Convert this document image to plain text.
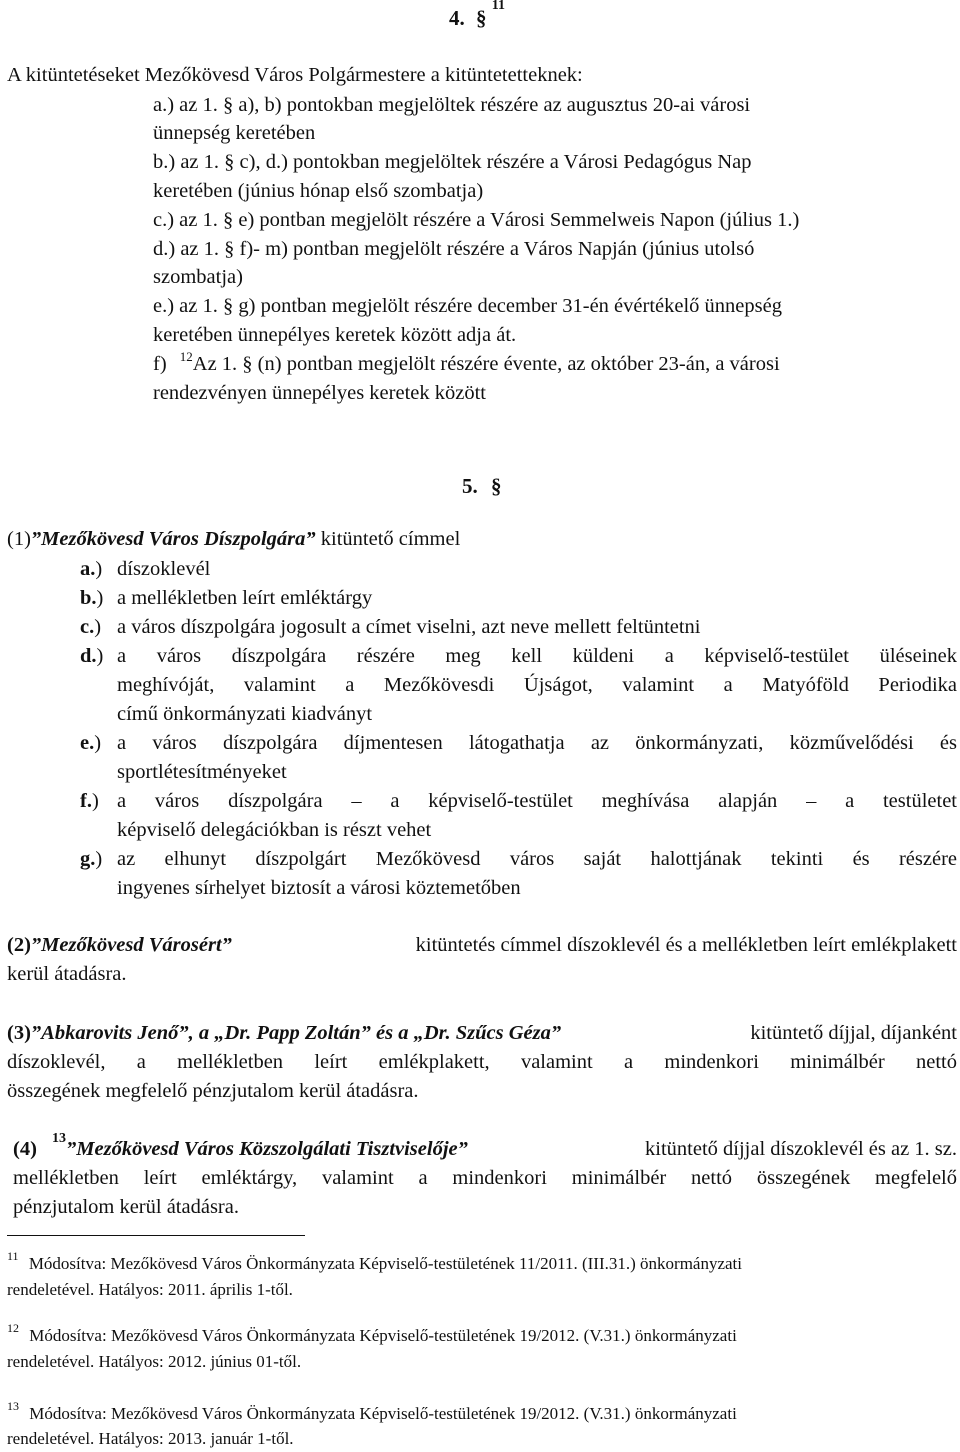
4. § $^{11}$
A kitüntetéseket Mezőkövesd Város Polgármestere a kitüntetetteknek:
a.) az 1. § a), b) pontokban megjelöltek részére az augusztus 20-ai városi
ünnepség keretében
b.) az 1. § c), d.) pontokban megjelöltek részére a Városi Pedagógus Nap
keretében (június hónap első szombatja)
c.) az 1. § e) pontban megjelölt részére a Városi Semmelweis Napon (július 1.)
d.) az 1. § f)- m) pontban megjelölt részére a Város Napján (június utolsó
szombatja)
e.) az 1. § g) pontban megjelölt részére december 31-én évértékelő ünnepség
keretében ünnepélyes keretek között adja át.
f) $^{12}$Az 1. § (n) pontban megjelölt részére évente, az október 23-án, a városi
rendezvényen ünnepélyes keretek között
5. §
(1)”Mezőkövesd Város Díszpolgára” kitüntető címmel
a.) díszoklevél
b.) a mellékletben leírt emléktárgy
c.) a város díszpolgára jogosult a címet viselni, azt neve mellett feltüntetni
d.) a város díszpolgára részére meg kell küldeni a képviselő-testület üléseinek
meghívóját, valamint a Mezőkövesdi Újságot, valamint a Matyóföld Periodika
című önkormányzati kiadványt
e.) a város díszpolgára díjmentesen látogathatja az önkormányzati, közművelődési és
sportlétesítményeket
f.) a város díszpolgára – a képviselő-testület meghívása alapján – a testületet
képviselő delegációkban is részt vehet
g.) az elhunyt díszpolgárt Mezőkövesd város saját halottjának tekinti és részére
ingyenes sírhelyet biztosít a városi köztemetőben
(2)”Mezőkövesd Városért”	kitüntetés címmel díszoklevél és a mellékletben leírt emlékplakett
kerül átadásra.
(3)”Abkarovits Jenő”, a „Dr. Papp Zoltán” és a „Dr. Szűcs Géza”	kitüntető díjjal, díjanként
díszoklevél, a mellékletben leírt emlékplakett, valamint a mindenkori minimálbér nettó
összegének megfelelő pénzjutalom kerül átadásra.
(4) $^{13}$”Mezőkövesd Város Közszolgálati Tisztviselője”	kitüntető díjjal díszoklevél és az 1. sz.
mellékletben leírt emléktárgy, valamint a mindenkori minimálbér nettó összegének megfelelő
pénzjutalom kerül átadásra.
$^{11}$ Módosítva: Mezőkövesd Város Önkormányzata Képviselő-testületének 11/2011. (III.31.) önkormányzati
rendeletével. Hatályos: 2011. április 1-től.
$^{12}$ Módosítva: Mezőkövesd Város Önkormányzata Képviselő-testületének 19/2012. (V.31.) önkormányzati
rendeletével. Hatályos: 2012. június 01-től.
$^{13}$ Módosítva: Mezőkövesd Város Önkormányzata Képviselő-testületének 19/2012. (V.31.) önkormányzati
rendeletével. Hatályos: 2013. január 1-től.
